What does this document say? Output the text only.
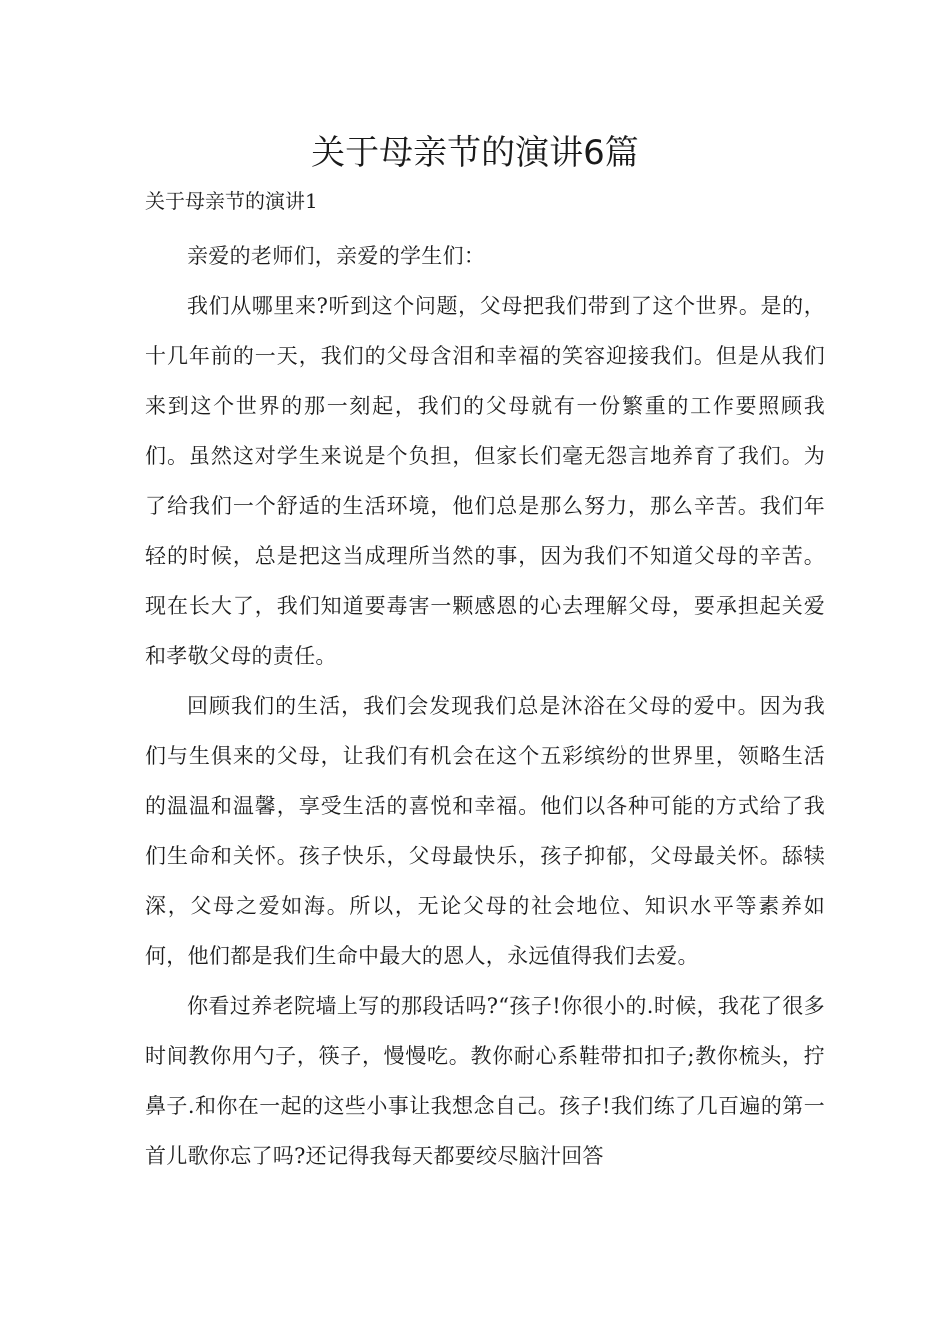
关于母亲节的演讲6篇

关于母亲节的演讲1

亲爱的老师们，亲爱的学生们：

我们从哪里来?听到这个问题，父母把我们带到了这个世界。是的，十几年前的一天，我们的父母含泪和幸福的笑容迎接我们。但是从我们来到这个世界的那一刻起，我们的父母就有一份繁重的工作要照顾我们。虽然这对学生来说是个负担，但家长们毫无怨言地养育了我们。为了给我们一个舒适的生活环境，他们总是那么努力，那么辛苦。我们年轻的时候，总是把这当成理所当然的事，因为我们不知道父母的辛苦。现在长大了，我们知道要毒害一颗感恩的心去理解父母，要承担起关爱和孝敬父母的责任。

回顾我们的生活，我们会发现我们总是沐浴在父母的爱中。因为我们与生俱来的父母，让我们有机会在这个五彩缤纷的世界里，领略生活的温温和温馨，享受生活的喜悦和幸福。他们以各种可能的方式给了我们生命和关怀。孩子快乐，父母最快乐，孩子抑郁，父母最关怀。舔犊深，父母之爱如海。所以，无论父母的社会地位、知识水平等素养如何，他们都是我们生命中最大的恩人，永远值得我们去爱。

你看过养老院墙上写的那段话吗?“孩子!你很小的.时候，我花了很多时间教你用勺子，筷子，慢慢吃。教你耐心系鞋带扣扣子;教你梳头，拧鼻子.和你在一起的这些小事让我想念自己。孩子!我们练了几百遍的第一首儿歌你忘了吗?还记得我每天都要绞尽脑汁回答
